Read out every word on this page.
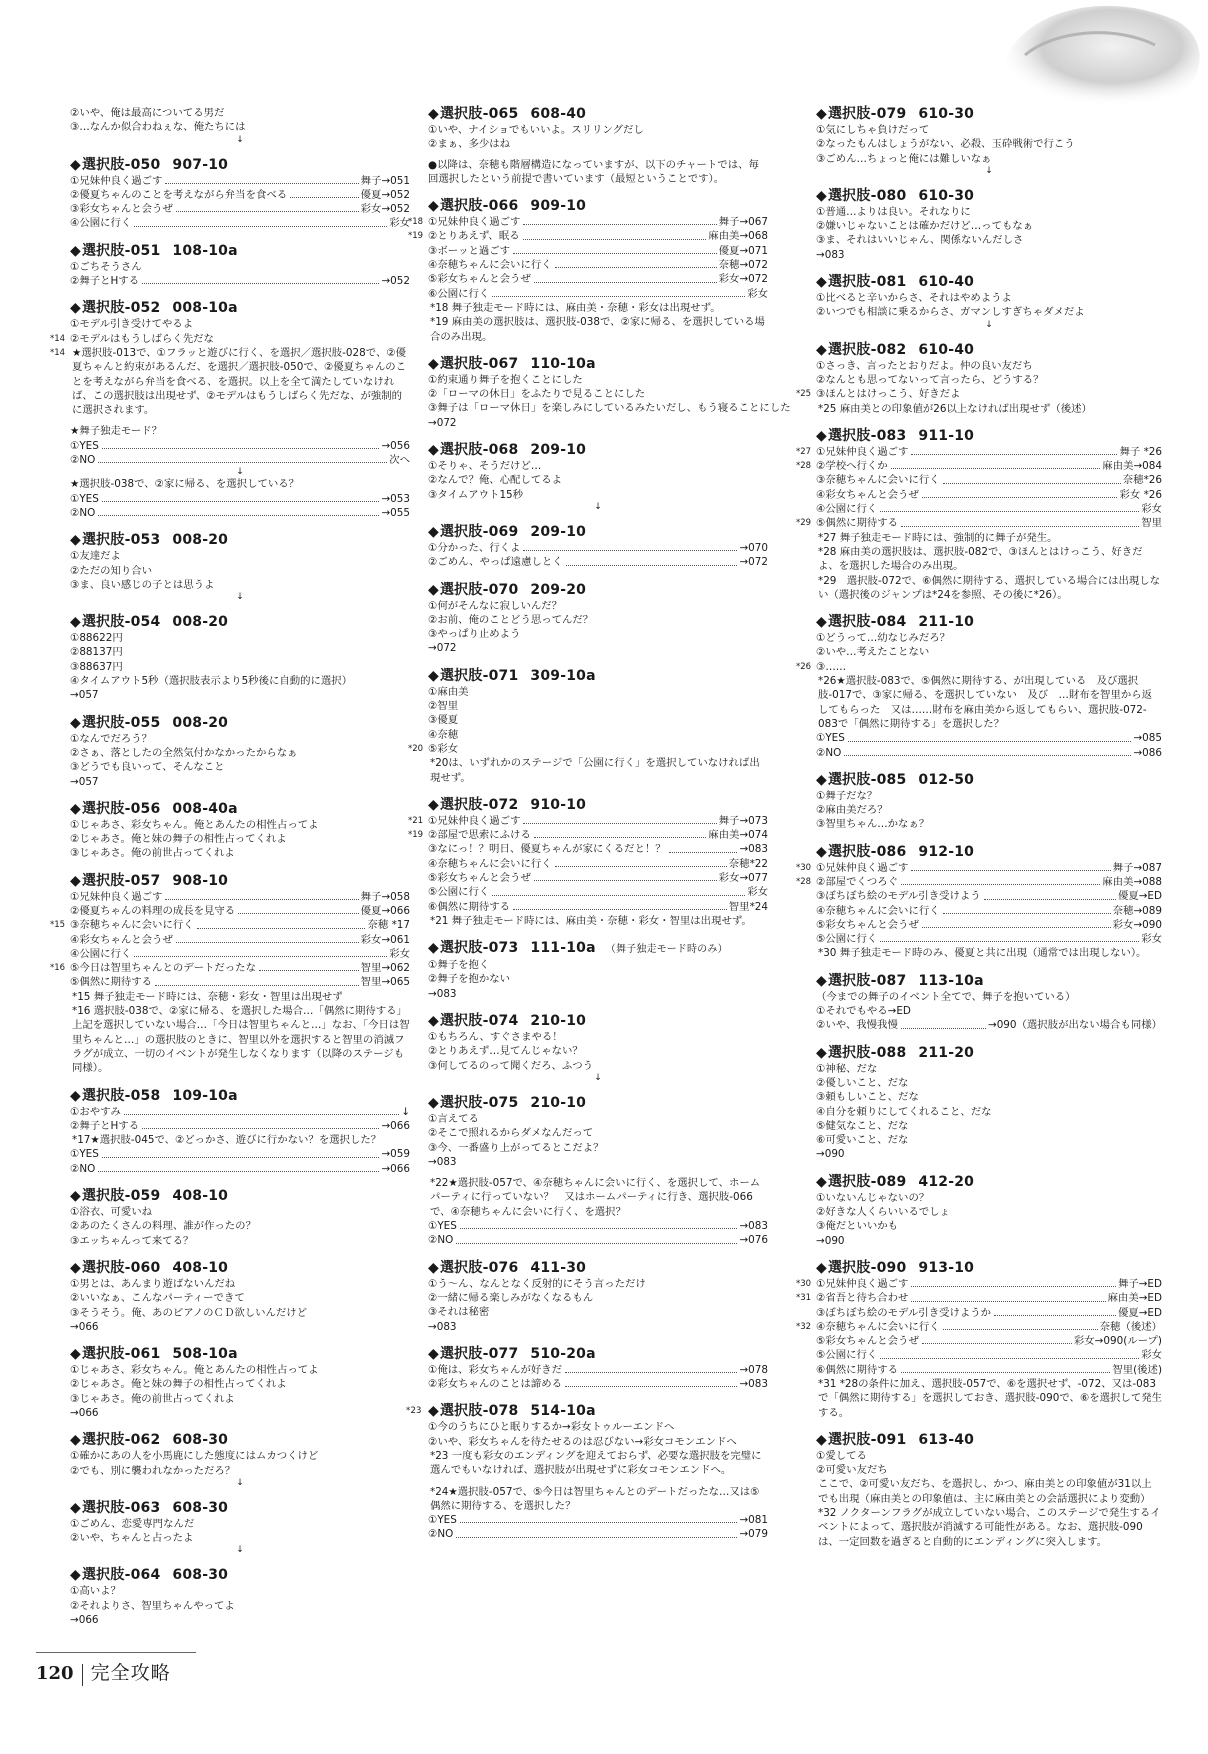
②いや、俺は最高についてる男だ
③…なんか似合わねぇな、俺たちには
↓
◆選択肢-050 907-10
①兄妹仲良く過ごす	舞子→051
②優夏ちゃんのことを考えながら弁当を食べる	優夏→052
③彩女ちゃんと会うぜ	彩女→052
④公園に行く	彩女
◆選択肢-051 108-10a
①ごちそうさん
②舞子とHする	→052
◆選択肢-052 008-10a
①モデル引き受けてやるよ
*14 ②モデルはもうしばらく先だな
*14 ★選択肢-013で、①フラッと遊びに行く、を選択／選択肢-028で、②優夏ちゃんと約束があるんだ、を選択／選択肢-050で、②優夏ちゃんのことを考えながら弁当を食べる、を選択。以上を全て満たしていなければ、この選択肢は出現せず、②モデルはもうしばらく先だな、が強制的に選択されます。
★舞子独走モード？
①YES	→056
②NO	次へ
↓
★選択肢-038で、②家に帰る、を選択している？
①YES	→053
②NO	→055
◆選択肢-053 008-20
①友達だよ
②ただの知り合い
③ま、良い感じの子とは思うよ
↓
◆選択肢-054 008-20
①88622円
②88137円
③88637円
④タイムアウト5秒（選択肢表示より5秒後に自動的に選択）
→057
◆選択肢-055 008-20
①なんでだろう？
②さぁ、落としたの全然気付かなかったからなぁ
③どうでも良いって、そんなこと
→057
◆選択肢-056 008-40a
①じゃあさ、彩女ちゃん。俺とあんたの相性占ってよ
②じゃあさ。俺と妹の舞子の相性占ってくれよ
③じゃあさ。俺の前世占ってくれよ
◆選択肢-057 908-10
①兄妹仲良く過ごす	舞子→058
②優夏ちゃんの料理の成長を見守る	優夏→066
*15 ③奈穂ちゃんに会いに行く	奈穂 *17
④彩女ちゃんと会うぜ	彩女→061
④公園に行く	彩女
*16 ⑤今日は智里ちゃんとのデートだったな	智里→062
⑤偶然に期待する	智里→065
*15 舞子独走モード時には、奈穂・彩女・智里は出現せず
*16 選択肢-038で、②家に帰る、を選択した場合…「偶然に期待する」上記を選択していない場合…「今日は智里ちゃんと…」なお、「今日は智里ちゃんと…」の選択肢のときに、智里以外を選択すると智里の消滅フラグが成立、一切のイベントが発生しなくなります（以降のステージも同様）。
◆選択肢-058 109-10a
①おやすみ	↓
②舞子とHする	→066
*17★選択肢-045で、②どっかさ、遊びに行かない？を選択した？
①YES	→059
②NO	→066
◆選択肢-059 408-10
①浴衣、可愛いね
②あのたくさんの料理、誰が作ったの？
③エッちゃんって来てる？
◆選択肢-060 408-10
①男とは、あんまり遊ばないんだね
②いいなぁ、こんなパーティーできて
③そうそう。俺、あのピアノのＣＤ欲しいんだけど
→066
◆選択肢-061 508-10a
①じゃあさ、彩女ちゃん。俺とあんたの相性占ってよ
②じゃあさ。俺と妹の舞子の相性占ってくれよ
③じゃあさ。俺の前世占ってくれよ
→066
◆選択肢-062 608-30
①確かにあの人を小馬鹿にした態度にはムカつくけど
②でも、別に襲われなかっただろ？
↓
◆選択肢-063 608-30
①ごめん、恋愛専門なんだ
②いや、ちゃんと占ったよ
↓
◆選択肢-064 608-30
①高いよ？
②それよりさ、智里ちゃんやってよ
→066
◆選択肢-065 608-40
①いや、ナイショでもいいよ。スリリングだし
②まぁ、多少はね
●以降は、奈穂も階層構造になっていますが、以下のチャートでは、毎回選択したという前提で書いています（最短ということです）。
◆選択肢-066 909-10
*18 ①兄妹仲良く過ごす	舞子→067
*19 ②とりあえず、眠る	麻由美→068
③ボーッと過ごす	優夏→071
④奈穂ちゃんに会いに行く	奈穂→072
⑤彩女ちゃんと会うぜ	彩女→072
⑥公園に行く	彩女
*18 舞子独走モード時には、麻由美・奈穂・彩女は出現せず。
*19 麻由美の選択肢は、選択肢-038で、②家に帰る、を選択している場合のみ出現。
◆選択肢-067 110-10a
①約束通り舞子を抱くことにした
②「ローマの休日」をふたりで見ることにした
③舞子は「ローマ休日」を楽しみにしているみたいだし、もう寝ることにした
→072
◆選択肢-068 209-10
①そりゃ、そうだけど…
②なんで？俺、心配してるよ
③タイムアウト15秒
↓
◆選択肢-069 209-10
①分かった、行くよ	→070
②ごめん、やっぱ遠慮しとく	→072
◆選択肢-070 209-20
①何がそんなに寂しいんだ？
②お前、俺のことどう思ってんだ？
③やっぱり止めよう
→072
◆選択肢-071 309-10a
①麻由美
②智里
③優夏
④奈穂
*20 ⑤彩女
*20は、いずれかのステージで「公園に行く」を選択していなければ出現せず。
◆選択肢-072 910-10
*21 ①兄妹仲良く過ごす	舞子→073
*19 ②部屋で思索にふける	麻由美→074
③なにっ！？明日、優夏ちゃんが家にくるだと！？	→083
④奈穂ちゃんに会いに行く	奈穂*22
⑤彩女ちゃんと会うぜ	彩女→077
⑤公園に行く	彩女
⑥偶然に期待する	智里*24
*21 舞子独走モード時には、麻由美・奈穂・彩女・智里は出現せず。
◆選択肢-073 111-10a （舞子独走モード時のみ）
①舞子を抱く
②舞子を抱かない
→083
◆選択肢-074 210-10
①もちろん、すぐさまやる！
②とりあえず…見てんじゃない？
③何してるのって聞くだろ、ふつう
↓
◆選択肢-075 210-10
①言えてる
②そこで照れるからダメなんだって
③今、一番盛り上がってるとこだよ？
→083
*22★選択肢-057で、④奈穂ちゃんに会いに行く、を選択して、ホームパーティに行っていない？　又はホームパーティに行き、選択肢-066で、④奈穂ちゃんに会いに行く、を選択？
①YES	→083
②NO	→076
◆選択肢-076 411-30
①う〜ん、なんとなく反射的にそう言っただけ
②一緒に帰る楽しみがなくなるもん
③それは秘密
→083
◆選択肢-077 510-20a
①俺は、彩女ちゃんが好きだ	→078
②彩女ちゃんのことは諦める	→083
*23 ◆選択肢-078 514-10a
①今のうちにひと眠りするか→彩女トゥルーエンドへ
②いや、彩女ちゃんを待たせるのは忍びない→彩女コモンエンドへ
*23 一度も彩女のエンディングを迎えておらず、必要な選択肢を完璧に選んでもいなければ、選択肢が出現せずに彩女コモンエンドへ。
*24★選択肢-057で、⑤今日は智里ちゃんとのデートだったな…又は⑤偶然に期待する、を選択した？
①YES	→081
②NO	→079
◆選択肢-079 610-30
①気にしちゃ負けだって
②なったもんはしょうがない、必殺、玉砕戦術で行こう
③ごめん…ちょっと俺には難しいなぁ
↓
◆選択肢-080 610-30
①普通…よりは良い。それなりに
②嫌いじゃないことは確かだけど…ってもなぁ
③ま、それはいいじゃん、関係ないんだしさ
→083
◆選択肢-081 610-40
①比べると辛いからさ、それはやめようよ
②いつでも相談に乗るからさ、ガマンしすぎちゃダメだよ
↓
◆選択肢-082 610-40
①さっき、言ったとおりだよ。仲の良い友だち
②なんとも思ってないって言ったら、どうする？
*25 ③ほんとはけっこう、好きだよ
*25 麻由美との印象値が26以上なければ出現せず（後述）
◆選択肢-083 911-10
*27 ①兄妹仲良く過ごす	舞子 *26
*28 ②学校へ行くか	麻由美→084
③奈穂ちゃんに会いに行く	奈穂*26
④彩女ちゃんと会うぜ	彩女 *26
④公園に行く	彩女
*29 ⑤偶然に期待する	智里
*27 舞子独走モード時には、強制的に舞子が発生。
*28 麻由美の選択肢は、選択肢-082で、③ほんとはけっこう、好きだよ、を選択した場合のみ出現。
*29　選択肢-072で、⑥偶然に期待する、選択している場合には出現しない（選択後のジャンプは*24を参照、その後に*26）。
◆選択肢-084 211-10
①どうって…幼なじみだろ？
②いや…考えたことない
*26 ③……
*26★選択肢-083で、⑤偶然に期待する、が出現している　及び選択肢-017で、③家に帰る、を選択していない　及び　…財布を智里から返してもらった　又は……財布を麻由美から返してもらい、選択肢-072-083で「偶然に期待する」を選択した？
①YES	→085
②NO	→086
◆選択肢-085 012-50
①舞子だな？
②麻由美だろ？
③智里ちゃん…かなぁ？
◆選択肢-086 912-10
*30 ①兄妹仲良く過ごす	舞子→087
*28 ②部屋でくつろぐ	麻由美→088
③ぼちぼち絵のモデル引き受けよう	優夏→ED
④奈穂ちゃんに会いに行く	奈穂→089
⑤彩女ちゃんと会うぜ	彩女→090
⑤公園に行く	彩女
*30 舞子独走モード時のみ、優夏と共に出現（通常では出現しない）。
◆選択肢-087 113-10a
（今までの舞子のイベント全てで、舞子を抱いている）
①それでもやる→ED
②いや、我慢我慢	→090（選択肢が出ない場合も同様）
◆選択肢-088 211-20
①神秘、だな
②優しいこと、だな
③頼もしいこと、だな
④自分を頼りにしてくれること、だな
⑤健気なこと、だな
⑥可愛いこと、だな
→090
◆選択肢-089 412-20
①いないんじゃないの？
②好きな人くらいいるでしょ
③俺だといいかも
→090
◆選択肢-090 913-10
*30 ①兄妹仲良く過ごす	舞子→ED
*31 ②省吾と待ち合わせ	麻由美→ED
③ぼちぼち絵のモデル引き受けようか	優夏→ED
*32 ④奈穂ちゃんに会いに行く	奈穂（後述）
⑤彩女ちゃんと会うぜ	彩女→090(ループ)
⑤公園に行く	彩女
⑥偶然に期待する	智里(後述)
*31 *28の条件に加え、選択肢-057で、⑥を選択せず、-072、又は-083で「偶然に期待する」を選択しておき、選択肢-090で、⑥を選択して発生する。
◆選択肢-091 613-40
①愛してる
②可愛い友だち
ここで、②可愛い友だち、を選択し、かつ、麻由美との印象値が31以上でも出現（麻由美との印象値は、主に麻由美との会話選択により変動）*32 ノクターンフラグが成立していない場合、このステージで発生するイベントによって、選択肢が消滅する可能性がある。なお、選択肢-090は、一定回数を過ぎると自動的にエンディングに突入します。
120 完全攻略
